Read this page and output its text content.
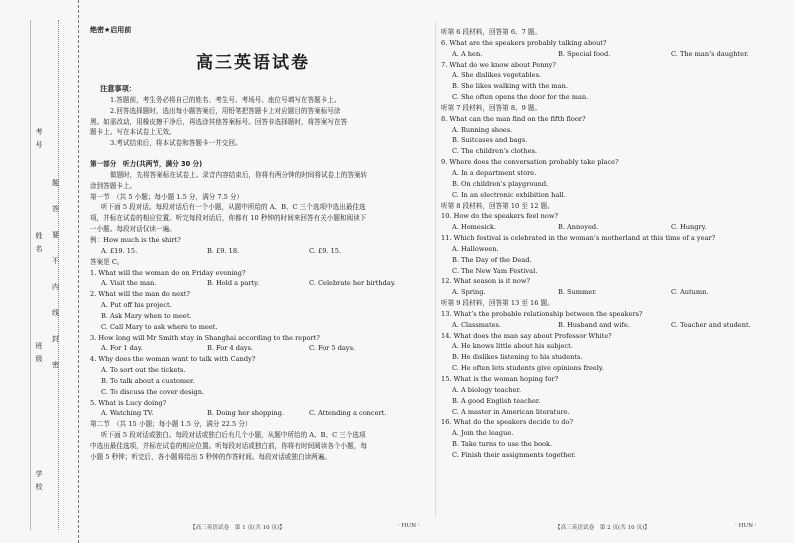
考号
姓名
班级
学校
题
答
要
不
内
线
封
密
绝密★启用前
高三英语试卷
注意事项：
1.答题前，考生务必将自己的姓名、考生号、考场号、座位号填写在答题卡上。
2.回答选择题时，选出每小题答案后，用铅笔把答题卡上对应题目的答案标号涂
黑。如需改动，用橡皮擦干净后，再选涂其他答案标号。回答非选择题时，将答案写在答
题卡上。写在本试卷上无效。
3.考试结束后，将本试卷和答题卡一并交回。
第一部分　听力(共两节，满分 30 分)
做题时，先将答案标在试卷上。录音内容结束后，你将有两分钟的时间将试卷上的答案转
涂到答题卡上。
第一节　（共 5 小题；每小题 1.5 分，满分 7.5 分）
听下面 5 段对话。每段对话后有一个小题，从题中所给的 A、B、C 三个选项中选出最佳选
项，并标在试卷的相应位置。听完每段对话后，你都有 10 秒钟的时间来回答有关小题和阅读下
一小题。每段对话仅读一遍。
例：How much is the shirt?
A. £19. 15.	B. £9. 18.	C. £9. 15.
答案是 C。
1. What will the woman do on Friday evening?
A. Visit the man.	B. Hold a party.	C. Celebrate her birthday.
2. What will the man do next?
A. Put off his project.
B. Ask Mary when to meet.
C. Call Mary to ask where to meet.
3. How long will Mr Smith stay in Shanghai according to the report?
A. For 1 day.	B. For 4 days.	C. For 5 days.
4. Why does the woman want to talk with Candy?
A. To sort out the tickets.
B. To talk about a customer.
C. To discuss the cover design.
5. What is Lucy doing?
A. Watching TV.	B. Doing her shopping.	C. Attending a concert.
第二节　（共 15 小题；每小题 1.5 分，满分 22.5 分）
听下面 5 段对话或独白。每段对话或独白后有几个小题，从题中所给的 A、B、C 三个选项
中选出最佳选项，并标在试卷的相应位置。听每段对话或独白前，你将有时间阅读各个小题，每
小题 5 秒钟；听完后，各小题将给出 5 秒钟的作答时间。每段对话或独白读两遍。
听第 6 段材料，回答第 6、7 题。
6. What are the speakers probably talking about?
A. A hen.	B. Special food.	C. The man’s daughter.
7. What do we know about Penny?
A. She dislikes vegetables.
B. She likes walking with the man.
C. She often opens the door for the man.
听第 7 段材料，回答第 8、9 题。
8. What can the man find on the fifth floor?
A. Running shoes.
B. Suitcases and bags.
C. The children’s clothes.
9. Where does the conversation probably take place?
A. In a department store.
B. On children’s playground.
C. In an electronic exhibition hall.
听第 8 段材料，回答第 10 至 12 题。
10. How do the speakers feel now?
A. Homesick.	B. Annoyed.	C. Hungry.
11. Which festival is celebrated in the woman’s motherland at this time of a year?
A. Halloween.
B. The Day of the Dead.
C. The New Yam Festival.
12. What season is it now?
A. Spring.	B. Summer.	C. Autumn.
听第 9 段材料，回答第 13 至 16 题。
13. What’s the probable relationship between the speakers?
A. Classmates.	B. Husband and wife.	C. Teacher and student.
14. What does the man say about Professor White?
A. He knows little about his subject.
B. He dislikes listening to his students.
C. He often lets students give opinions freely.
15. What is the woman hoping for?
A. A biology teacher.
B. A good English teacher.
C. A master in American literature.
16. What do the speakers decide to do?
A. Join the league.
B. Take turns to use the book.
C. Finish their assignments together.
【高三英语试卷　第 1 页(共 10 页)】	· HUN ·	【高三英语试卷　第 2 页(共 10 页)】	· HUN ·
